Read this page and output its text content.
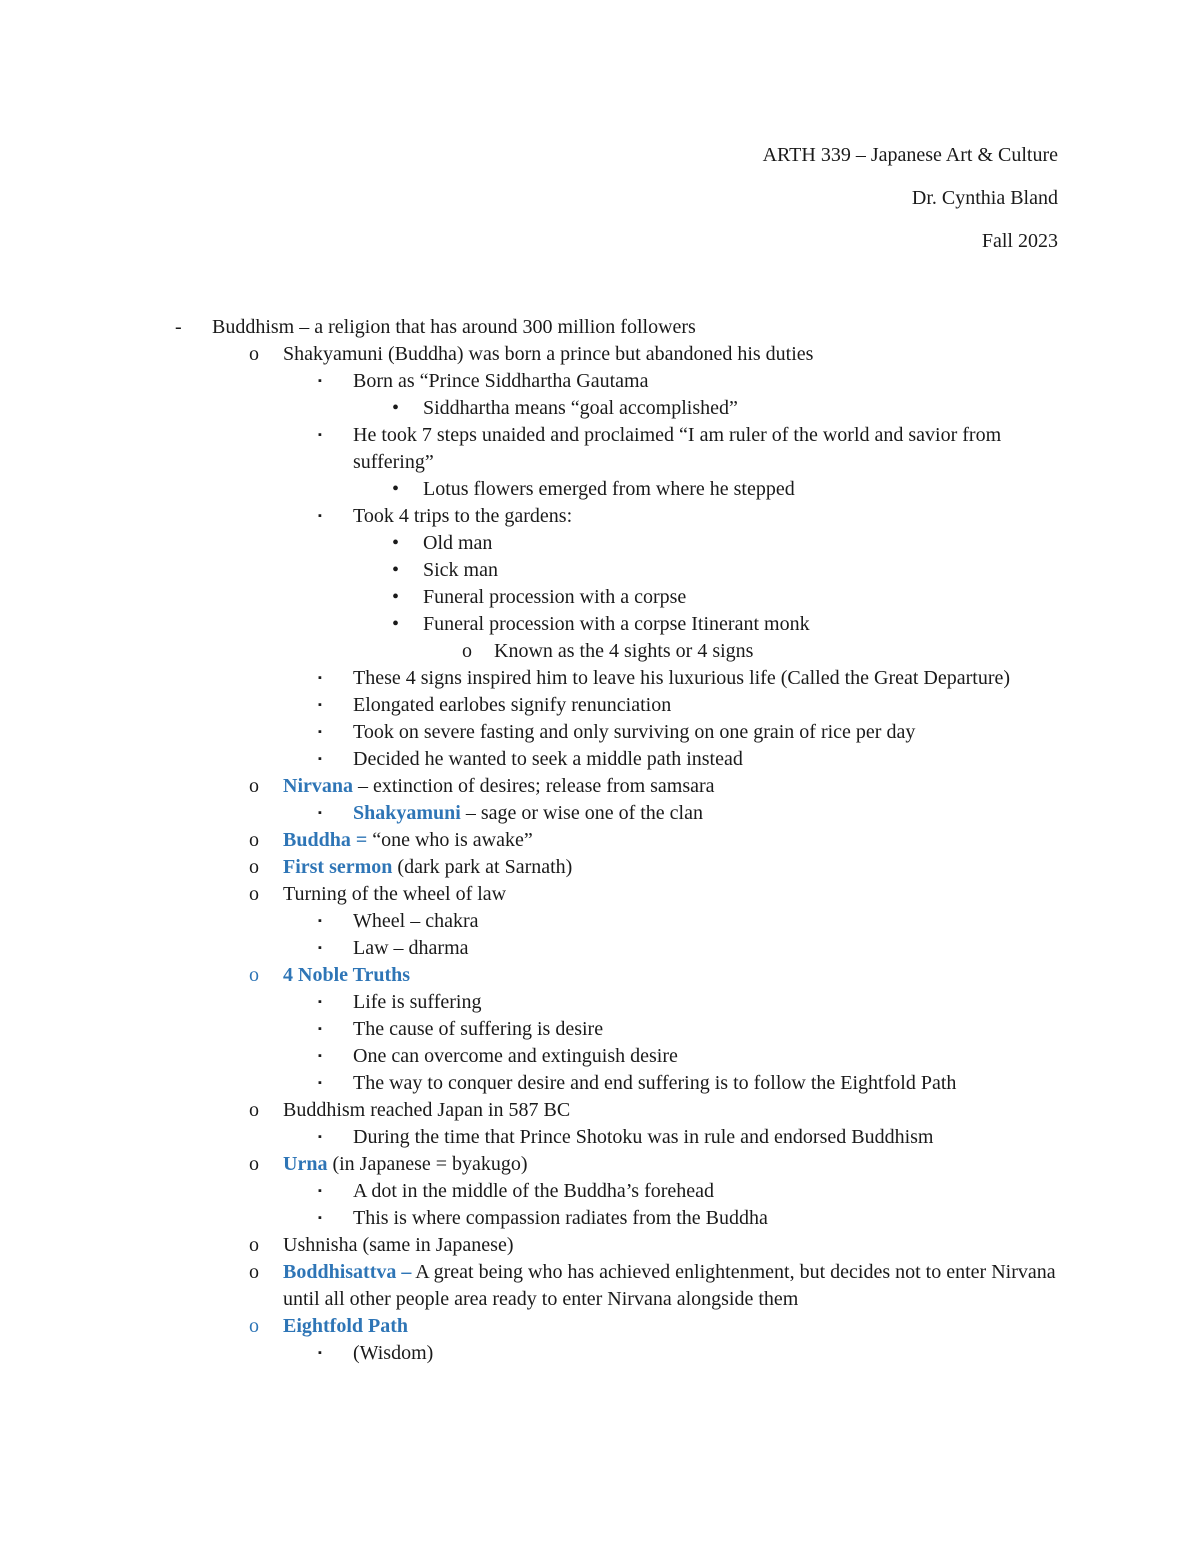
ARTH 339 – Japanese Art & Culture
Dr. Cynthia Bland
Fall 2023
- Buddhism – a religion that has around 300 million followers
o Shakyamuni (Buddha) was born a prince but abandoned his duties
▪ Born as “Prince Siddhartha Gautama
• Siddhartha means “goal accomplished”
▪ He took 7 steps unaided and proclaimed “I am ruler of the world and savior from suffering”
• Lotus flowers emerged from where he stepped
▪ Took 4 trips to the gardens:
• Old man
• Sick man
• Funeral procession with a corpse
• Funeral procession with a corpse Itinerant monk
o Known as the 4 sights or 4 signs
▪ These 4 signs inspired him to leave his luxurious life (Called the Great Departure)
▪ Elongated earlobes signify renunciation
▪ Took on severe fasting and only surviving on one grain of rice per day
▪ Decided he wanted to seek a middle path instead
o Nirvana – extinction of desires; release from samsara
▪ Shakyamuni – sage or wise one of the clan
o Buddha = “one who is awake”
o First sermon (dark park at Sarnath)
o Turning of the wheel of law
▪ Wheel – chakra
▪ Law – dharma
o 4 Noble Truths
▪ Life is suffering
▪ The cause of suffering is desire
▪ One can overcome and extinguish desire
▪ The way to conquer desire and end suffering is to follow the Eightfold Path
o Buddhism reached Japan in 587 BC
▪ During the time that Prince Shotoku was in rule and endorsed Buddhism
o Urna (in Japanese = byakugo)
▪ A dot in the middle of the Buddha’s forehead
▪ This is where compassion radiates from the Buddha
o Ushnisha (same in Japanese)
o Boddhisattva – A great being who has achieved enlightenment, but decides not to enter Nirvana until all other people area ready to enter Nirvana alongside them
o Eightfold Path
▪ (Wisdom)
